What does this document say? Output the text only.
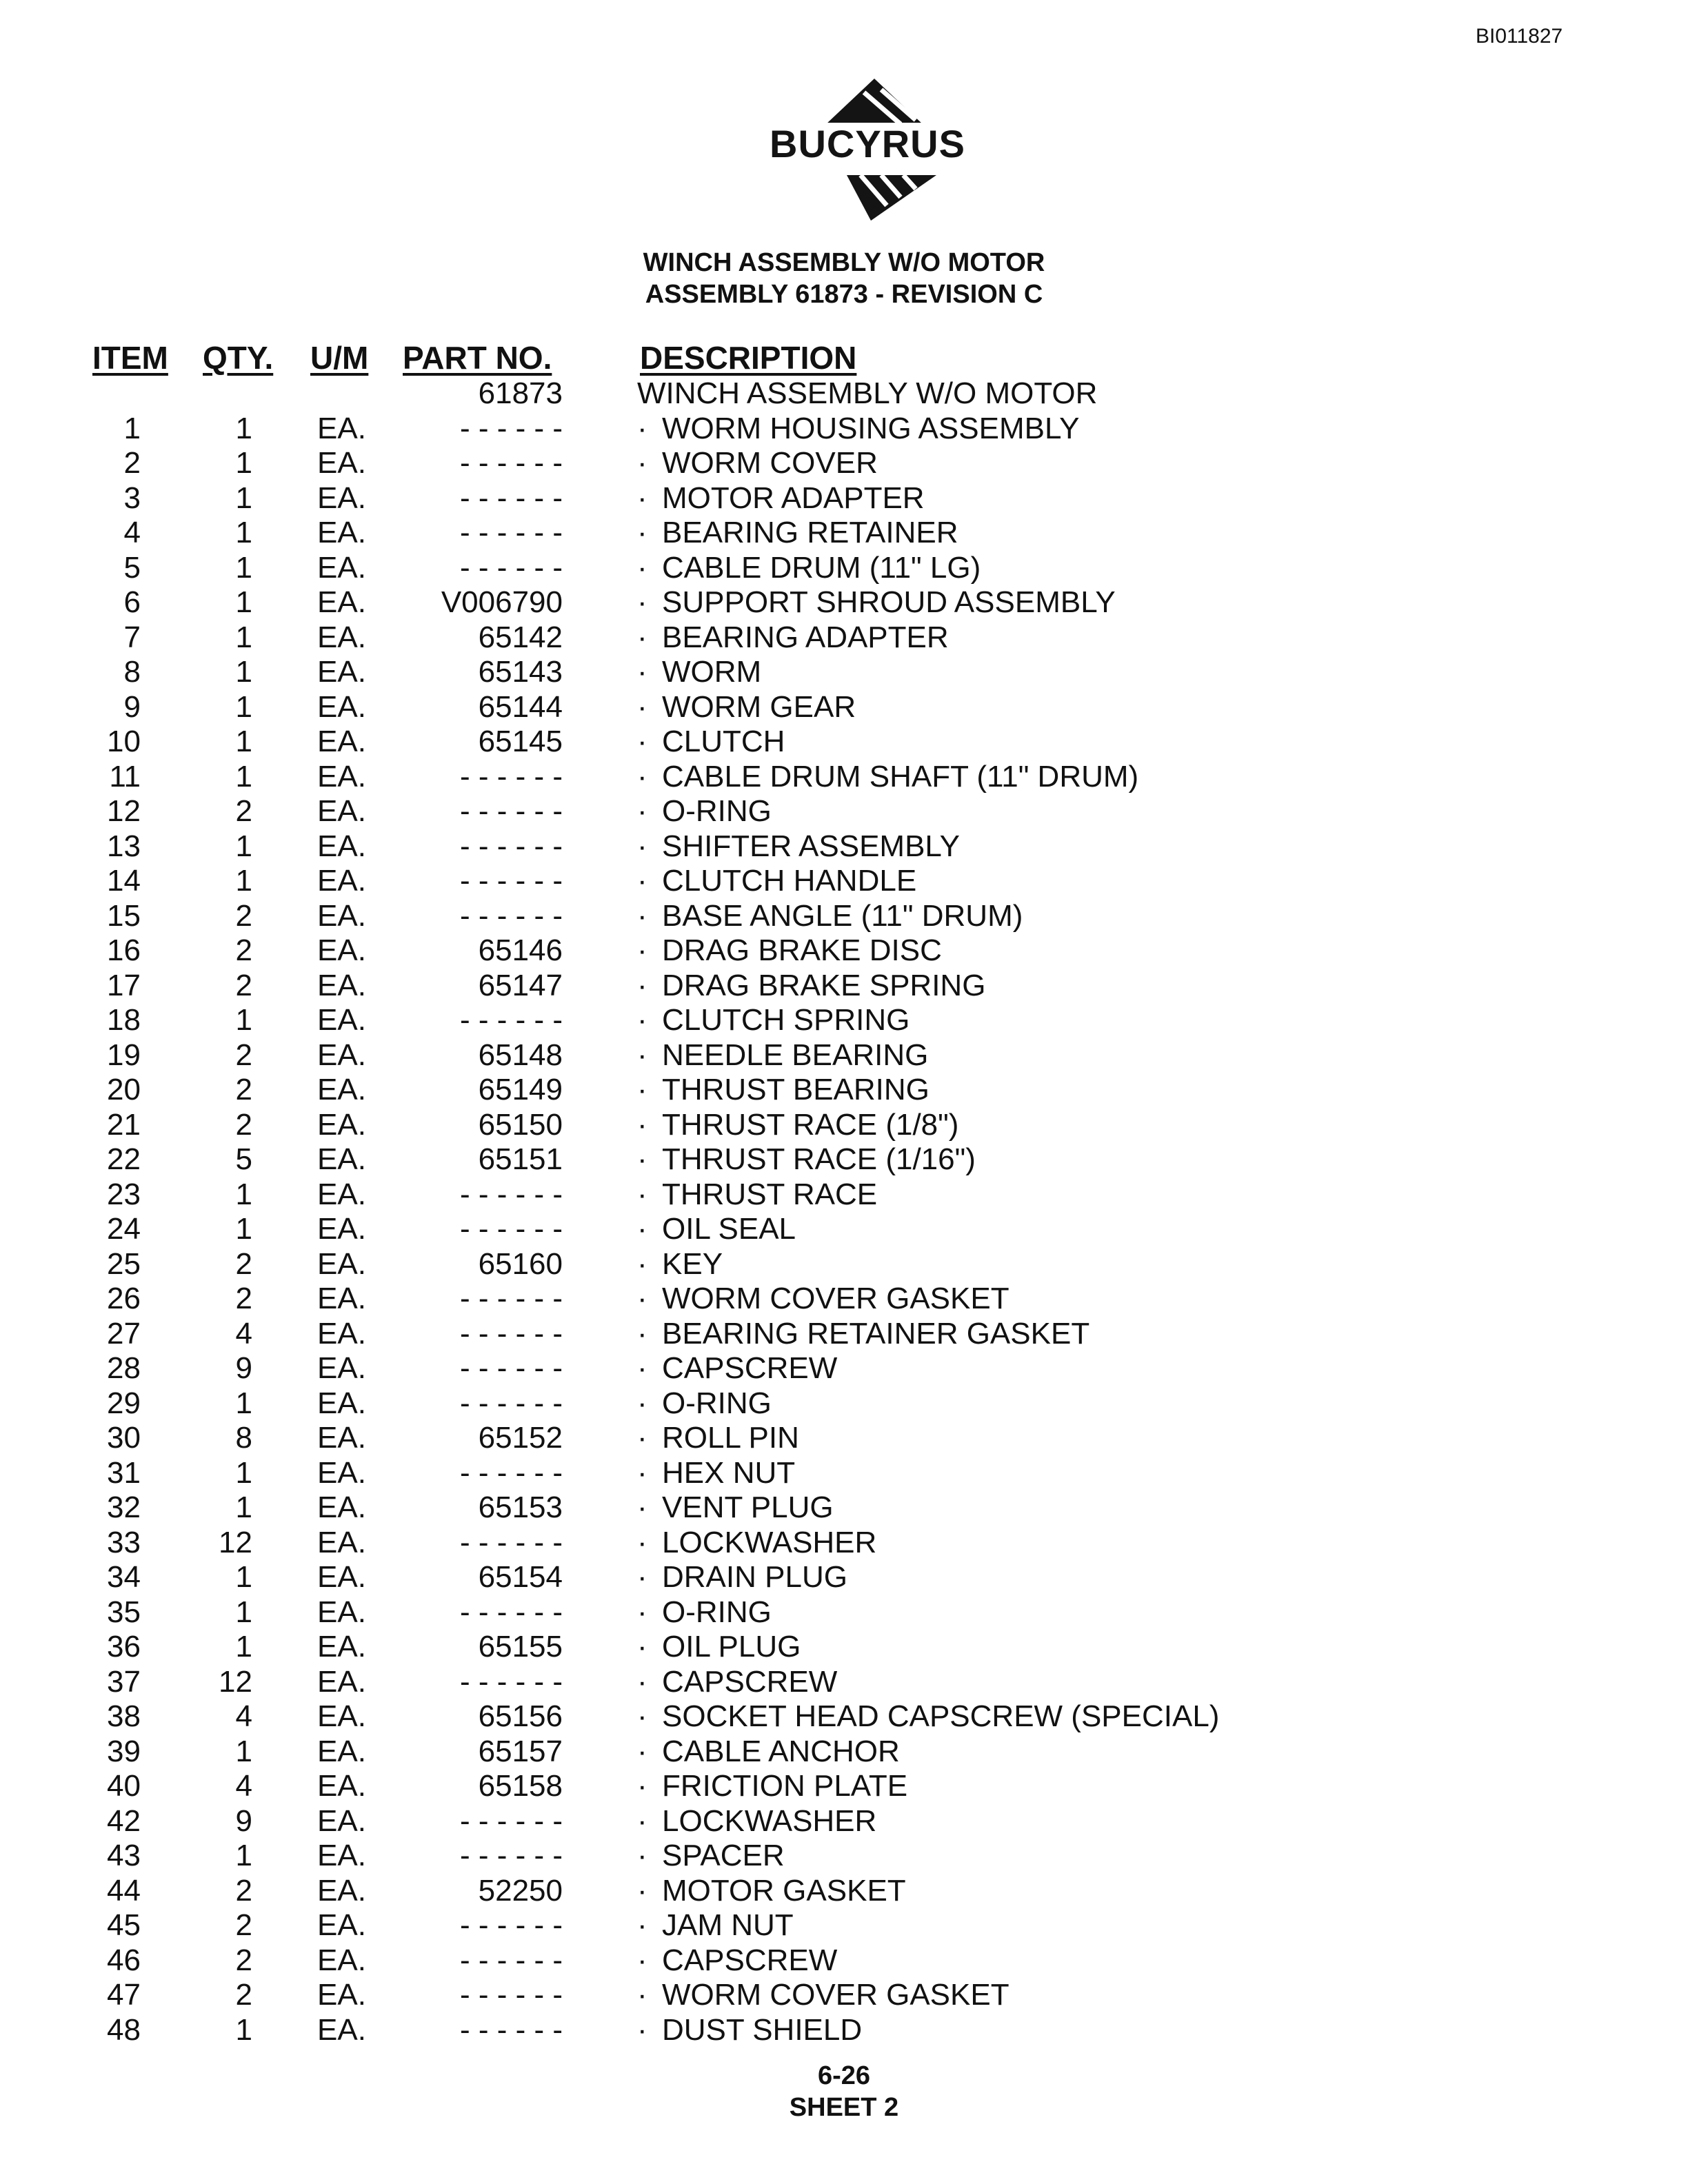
BI011827
BUCYRUS
WINCH ASSEMBLY W/O MOTOR
ASSEMBLY 61873 - REVISION C
ITEM QTY. U/M PART NO.	DESCRIPTION
61873 WINCH ASSEMBLY W/O MOTOR
1	1 EA.	- - - - - -	WORM HOUSING ASSEMBLY
·
2	1 EA.	- - - - - -	WORM COVER
·
3	1 EA.	- - - - - -	MOTOR ADAPTER
·
4	1 EA.	- - - - - -	BEARING RETAINER
·
5	1 EA.	- - - - - -	CABLE DRUM (11" LG)
·
6	1 EA. V006790	SUPPORT SHROUD ASSEMBLY
·
7	1 EA.	65142	BEARING ADAPTER
·
8	1 EA.	65143	WORM
·
9	1 EA.	65144	WORM GEAR
·
10	1 EA.	65145	CLUTCH
·
11	1 EA.	- - - - - -	CABLE DRUM SHAFT (11" DRUM)
·
12	2 EA.	- - - - - -	O-RING
·
13	1 EA.	- - - - - -	SHIFTER ASSEMBLY
·
14	1 EA.	- - - - - -	CLUTCH HANDLE
·
15	2 EA.	- - - - - -	BASE ANGLE (11" DRUM)
·
16	2 EA.	65146	DRAG BRAKE DISC
·
17	2 EA.	65147	DRAG BRAKE SPRING
·
18	1 EA.	- - - - - -	CLUTCH SPRING
·
19	2 EA.	65148	NEEDLE BEARING
·
20	2 EA.	65149	THRUST BEARING
·
21	2 EA.	65150	THRUST RACE (1/8")
·
22	5 EA.	65151	THRUST RACE (1/16")
·
23	1 EA.	- - - - - -	THRUST RACE
·
24	1 EA.	- - - - - -	OIL SEAL
·
25	2 EA.	65160	KEY
·
26	2 EA.	- - - - - -	WORM COVER GASKET
·
27	4 EA.	- - - - - -	BEARING RETAINER GASKET
·
28	9 EA.	- - - - - -	CAPSCREW
·
29	1 EA.	- - - - - -	O-RING
·
30	8 EA.	65152	ROLL PIN
·
31	1 EA.	- - - - - -	HEX NUT
·
32	1 EA.	65153	VENT PLUG
·
33	12 EA.	- - - - - -	LOCKWASHER
·
34	1 EA.	65154	DRAIN PLUG
·
35	1 EA.	- - - - - -	O-RING
·
36	1 EA.	65155	OIL PLUG
·
37	12 EA.	- - - - - -	CAPSCREW
·
38	4 EA.	65156	SOCKET HEAD CAPSCREW (SPECIAL)
·
39	1 EA.	65157	CABLE ANCHOR
·
40	4 EA.	65158	FRICTION PLATE
·
42	9 EA.	- - - - - -	LOCKWASHER
·
43	1 EA.	- - - - - -	SPACER
·
44	2 EA.	52250	MOTOR GASKET
·
45	2 EA.	- - - - - -	JAM NUT
·
46	2 EA.	- - - - - -	CAPSCREW
·
47	2 EA.	- - - - - -	WORM COVER GASKET
·
48	1 EA.	- - - - - -	DUST SHIELD
·
6-26
SHEET 2
